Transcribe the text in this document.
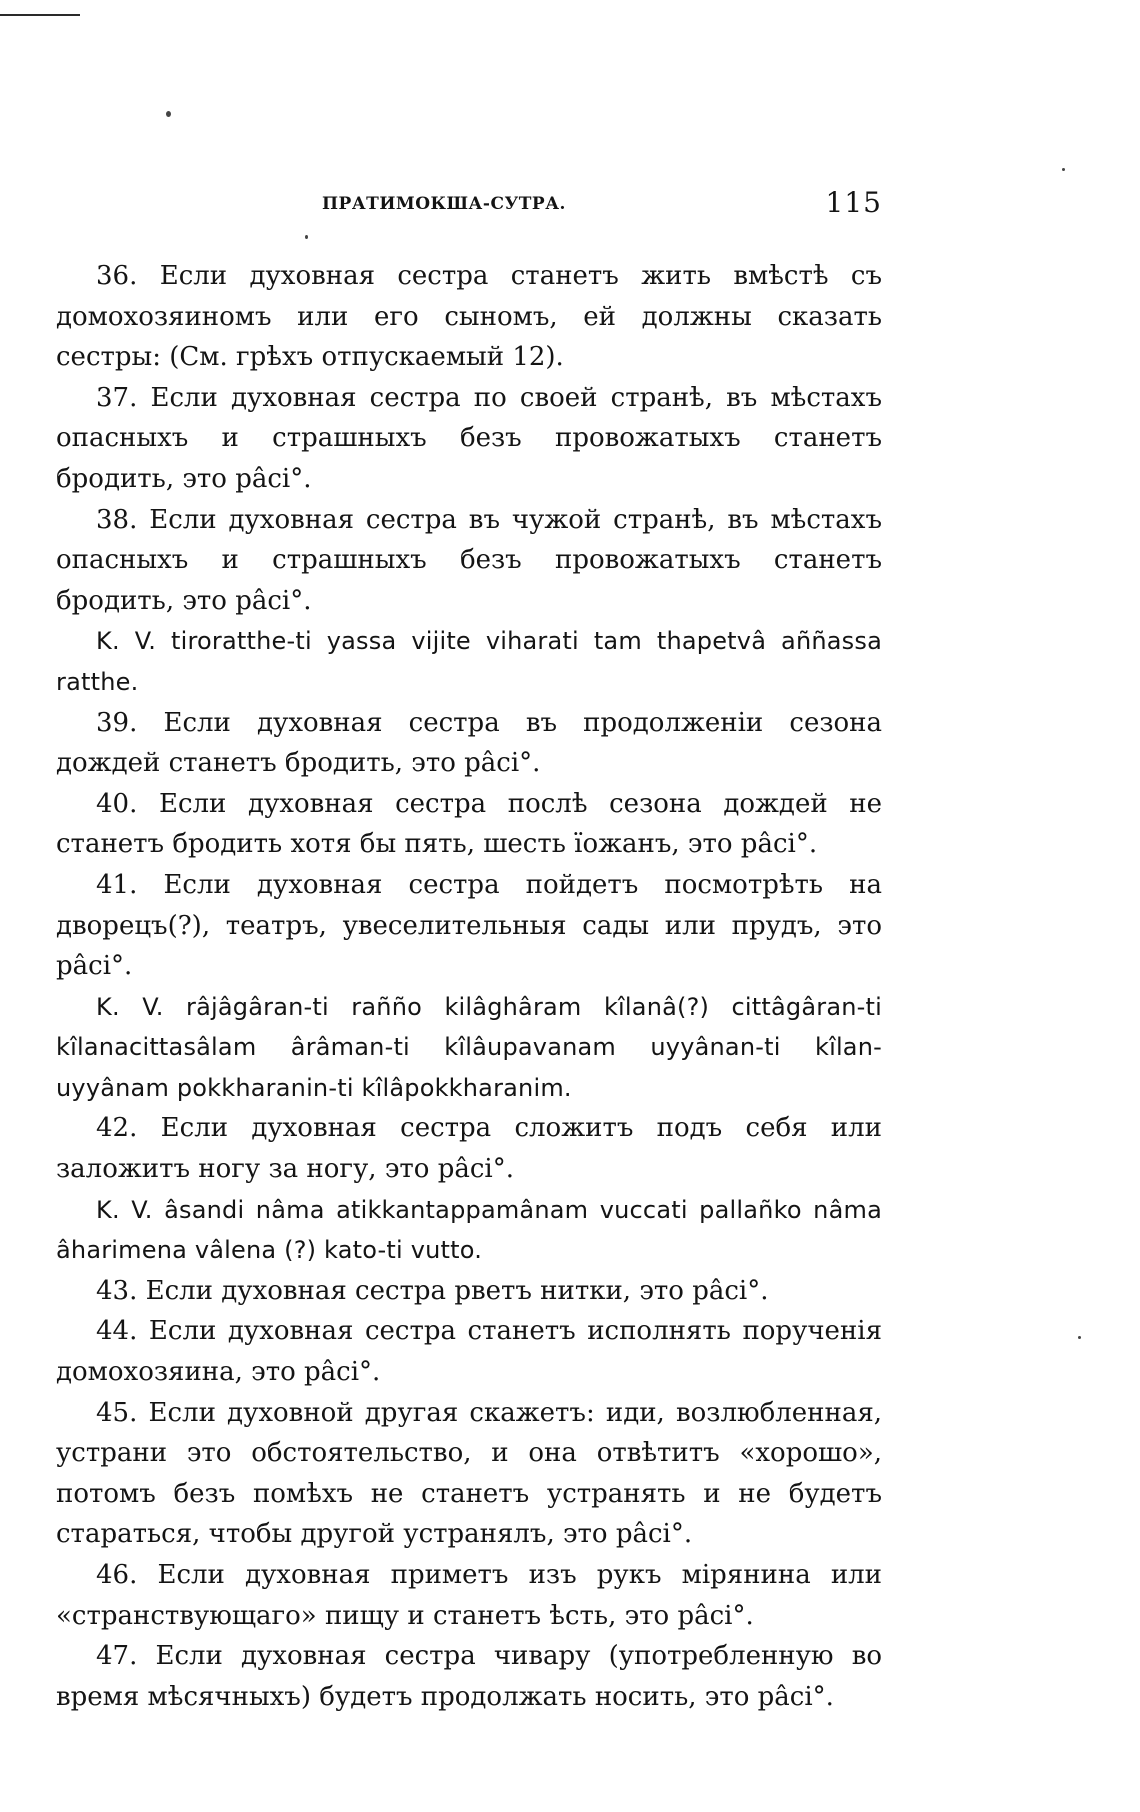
ПРАТИМОКША-СУТРА.	115

36. Если духовная сестра станетъ жить вмѣстѣ съ домохозяиномъ или его сыномъ, ей должны сказать сестры: (См. грѣхъ отпускаемый 12).

37. Если духовная сестра по своей странѣ, въ мѣстахъ опасныхъ и страшныхъ безъ провожатыхъ станетъ бродить, это pâci°.

38. Если духовная сестра въ чужой странѣ, въ мѣстахъ опасныхъ и страшныхъ безъ провожатыхъ станетъ бродить, это pâci°.

K. V. tiroratthe-ti yassa vijite viharati tam thapetvâ aññassa ratthe.

39. Если духовная сестра въ продолженіи сезона дождей станетъ бродить, это pâci°.

40. Если духовная сестра послѣ сезона дождей не станетъ бродить хотя бы пять, шесть їожанъ, это pâci°.

41. Если духовная сестра пойдетъ посмотрѣть на дворецъ(?), театръ, увеселительныя сады или прудъ, это pâci°.

K. V. râjâgâran-ti rañño kilâghâram kîlanâ(?) cittâgâran-ti kîlanacittasâlam ârâman-ti kîlâupavanam uyyânan-ti kîlan-uyyânam pokkharanin-ti kîlâpokkharanim.

42. Если духовная сестра сложитъ подъ себя или заложитъ ногу за ногу, это pâci°.

K. V. âsandi nâma atikkantappamânam vuccati pallañko nâma âharimena vâlena (?) kato-ti vutto.

43. Если духовная сестра рветъ нитки, это pâci°.

44. Если духовная сестра станетъ исполнять порученія домохозяина, это pâci°.

45. Если духовной другая скажетъ: иди, возлюбленная, устрани это обстоятельство, и она отвѣтитъ «хорошо», потомъ безъ помѣхъ не станетъ устранять и не будетъ стараться, чтобы другой устранялъ, это pâci°.

46. Если духовная приметъ изъ рукъ мірянина или «странствующаго» пищу и станетъ ѣсть, это pâci°.

47. Если духовная сестра чивару (употребленную во время мѣсячныхъ) будетъ продолжать носить, это pâci°.
